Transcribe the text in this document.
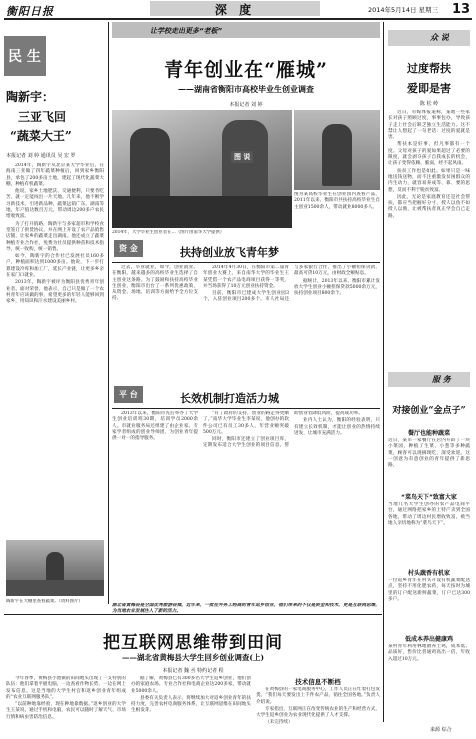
衡阳日报	深 度	2014年5月14日 星期三 13
民 生
陶新宇：
三亚飞回
“蔬菜大王”
本报记者 刘 婷 通讯员 吴 宏 罗

2014年，陶新宇从北京某大学毕业后，在海南三亚做了四年蔬菜种植后，回到家乡衡阳县，承包了200多亩土地，建起了现代化蔬菜大棚，种植有机蔬菜。

他说，家乡土地肥沃、交通便利，只要肯吃苦，就一定能闯出一片天地。几年来，他不断学习新技术，引进新品种，蔬菜远销广东、湖南等地，年产值达数百万元，带动周边200多户农民增收致富。

为了打开销路，陶新宇与多家超市和学校食堂签订了供货协议，并在网上开设了农产品销售店铺，让家乡的蔬菜走出湖南。他还成立了蔬菜种植专业合作社，免费为社员提供种苗和技术指导，统一收购，统一销售。

如今，陶新宇的合作社已发展社员160多户，种植面积达到1000多亩。他说，下一步打算建设冷库和加工厂，延长产业链，让更多乡亲在家门口就业。

2013年，陶新宇被评为衡阳县优秀青年创业者。面对荣誉，他表示，自己只是做了一个农村青年应该做的事，希望更多的年轻人能够回到家乡，用知识和汗水建设美丽乡村。

陶新宇在大棚里查看蔬菜。（资料图片）
让学校走出更多“老板”
青年创业在“雁城”
——湖南省衡阳市高校毕业生创业调查
本报记者 刘 婷
图 说
2014年，大学毕业生创业者在…（图片由南华大学提供）
图为某高校毕业生在创业园内查看产品，2011年以来，衡阳市共扶持高校毕业生自主创业1500余人，带动就业8000多人。
资 金	扶持创业放飞青年梦

过去，毕业就业，如今，创业就业。在衡阳，越来越多的高校毕业生选择了自主创业这条路。为了鼓励和扶持高校毕业生创业，衡阳市出台了一系列优惠政策，从资金、场地、培训等方面给予全方位支持。

2014年4月30日，在衡阳市第二届青年创业大赛上，来自南华大学的毕业生王某凭借一个农产品电商项目获得一等奖，并当场获得了10万元创业扶持资金。

目前，衡阳市已建成大学生创业园3个，入驻创业项目200多个。市人社局还与多家银行合作，推出了小额担保贷款，最高可贷10万元，由财政全额贴息。

据统计，2013年以来，衡阳市累计发放大学生创业小额担保贷款5000余万元，扶持创业项目800余个。

平 台	长效机制打造活力城

2013年以来，衡阳市先后举办了大学生创业培训班30期，培训学员2000余人。市就业服务局还组建了由企业家、专家学者组成的创业导师团，为创业青年提供一对一的指导服务。

“有了政府的支持，创业的路走得更顺了。”南华大学毕业生李某说，他创办的软件公司已有员工30多人，年营业额突破500万元。

同时，衡阳市还建立了创业项目库，定期发布适合大学生创业的项目信息，帮助创业者降低风险，提高成功率。

业内人士认为，衡阳的经验表明，只有建立长效机制，才能让创业的热情持续迸发，让城市充满活力。

众 说
过度帮扶
爱即是害
陈 松 岭

近日，有媒体报道称，某地一些家长对孩子照顾过度，事事包办，导致孩子走上社会后缺乏独立生活能力。这不禁让人想起了一句老话：过度的爱就是害。

帮扶本是好事，但凡事都有一个度。父母对孩子的爱如果超过了必要的限度，就会剥夺孩子自我成长的机会，让孩子变得依赖、脆弱，经不起风雨。

扶贫工作也是如此。如果只是一味地送钱送物，而不注重激发贫困群众的内生动力，就容易养成等、靠、要的思想，反而不利于脱贫致富。

因此，无论是家庭教育还是社会帮扶，都应当把握好分寸，授人以鱼不如授人以渔，让被帮扶者真正学会自己走路。

服 务
对接创业“金点子”
餐厅也能种蔬菜
近日，某市一家餐厅在店内开辟了一块小菜园，种植了生菜、小葱等多种蔬菜，顾客可以现摘现吃，深受欢迎。这一创意为有意创业的青年提供了新思路。
“菜鸟天下”致富大家
当地几名大学生创办的农产品电商平台，通过网络把家乡的土特产卖到全国各地，带动了周边村民增收致富，被当地人亲切地称为“菜鸟天下”。
村头蔬香有机家
一位返乡青年在村头开设有机蔬菜配送点，坚持不用化肥农药，每天按时为城里的订户配送新鲜蔬菜，订户已达300多户。
低成本养出健康鸡
某村青年利用林地散养土鸡，成本低、品质好，售价比普通鸡高出一倍，年收入超过10万元。
来源 综合
湖北省黄梅县是全国优秀旅游县城，近年来，一批在外务工经商的青年返乡创业，他们带来的不仅是资金和技术，更是互联网思维，为当地农业发展注入了新的活力。
把互联网思维带到田间
——湖北省黄梅县大学生回乡创业调查(上)
本报记者 魏 丞 特约记者 程

今年春季，黄梅县小池镇的田间地头出现了一支特别的队伍：他们拿着平板电脑，一边查看作物长势，一边在网上发布信息。这是当地的大学生村官和返乡创业青年组成的“农业互联网服务队”。

“以前种地靠经验，现在种地靠数据。”返乡创业的大学生王某说，通过手机和电脑，农民可以随时了解天气、市场行情和病虫害防治信息。

据了解，黄梅县已有300多名大学生返乡创业，他们创办的家庭农场、专业合作社和电商企业达200多家，带动就业5000余人。

县委有关负责人表示，将继续加大对返乡创业青年的扶持力度，完善农村电商服务体系，让互联网思维在田间地头生根发芽。

技术信息不断档

在黄梅县的一家电商服务中心，工作人员正在忙着打包发货。“我们每天要发出上千件农产品，销往全国各地。”负责人介绍说。

专家指出，互联网正在改变传统农业的生产和经营方式，大学生返乡创业为农业现代化提供了人才支撑。

（未完待续）
